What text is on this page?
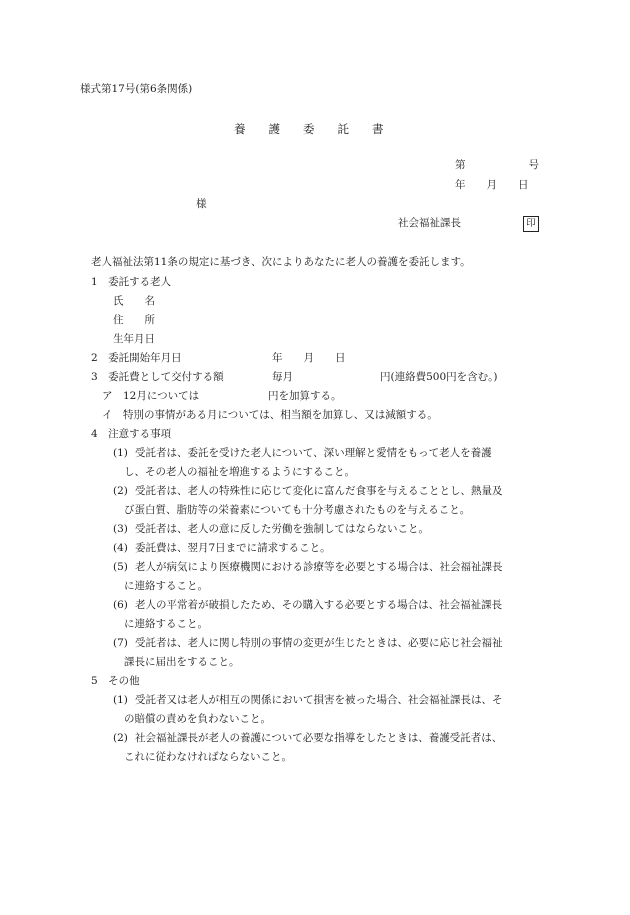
様式第17号(第6条関係)
養　　護　　委　　託　　書
第　　　　　　号
年　　月　　日
様
社会福祉課長	印
老人福祉法第11条の規定に基づき、次によりあなたに老人の養護を委託します。
1　委託する老人
氏　　名
住　　所
生年月日
2　委託開始年月日	年　　月　　日
3　委託費として交付する額	毎月	円(連絡費500円を含む。)
ア　12月については	円を加算する。
イ　特別の事情がある月については、相当額を加算し、又は減額する。
4　注意する事項
(1) 受託者は、委託を受けた老人について、深い理解と愛情をもって老人を養護
し、その老人の福祉を増進するようにすること。
(2) 受託者は、老人の特殊性に応じて変化に富んだ食事を与えることとし、熱量及
び蛋白質、脂肪等の栄養素についても十分考慮されたものを与えること。
(3) 受託者は、老人の意に反した労働を強制してはならないこと。
(4) 委託費は、翌月7日までに請求すること。
(5) 老人が病気により医療機関における診療等を必要とする場合は、社会福祉課長
に連絡すること。
(6) 老人の平常着が破損したため、その購入する必要とする場合は、社会福祉課長
に連絡すること。
(7) 受託者は、老人に関し特別の事情の変更が生じたときは、必要に応じ社会福祉
課長に届出をすること。
5　その他
(1) 受託者又は老人が相互の関係において損害を被った場合、社会福祉課長は、そ
の賠償の責めを負わないこと。
(2) 社会福祉課長が老人の養護について必要な指導をしたときは、養護受託者は、
これに従わなければならないこと。
